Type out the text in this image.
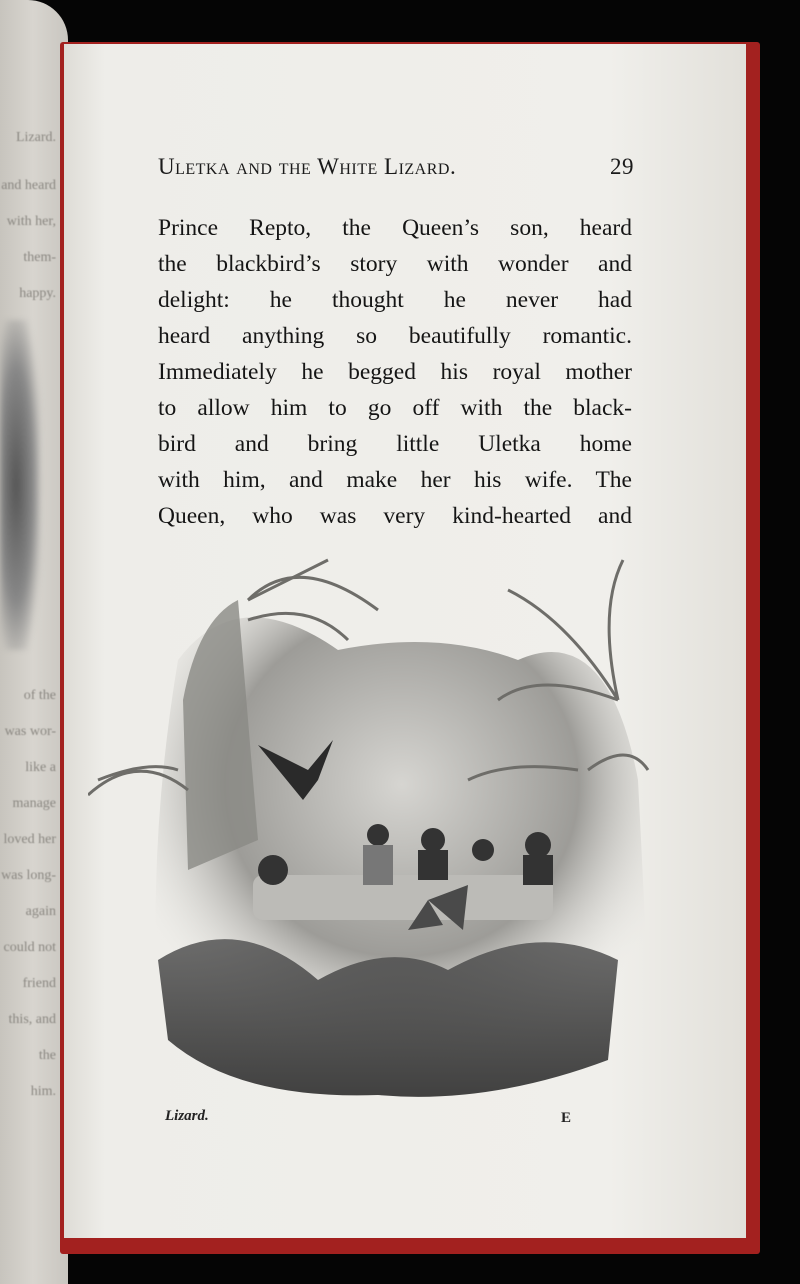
Lizard.
and heard
with her,
them-
happy.
of the
was wor-
like a
manage
loved her
was long-
again
could not
friend
this, and
the
him.
Uletka and the White Lizard.	29
Prince Repto, the Queen’s son, heard
the blackbird’s story with wonder and
delight: he thought he never had
heard anything so beautifully romantic.
Immediately he begged his royal mother
to allow him to go off with the black-
bird and bring little Uletka home
with him, and make her his wife. The
Queen, who was very kind-hearted and
Lizard.	E
